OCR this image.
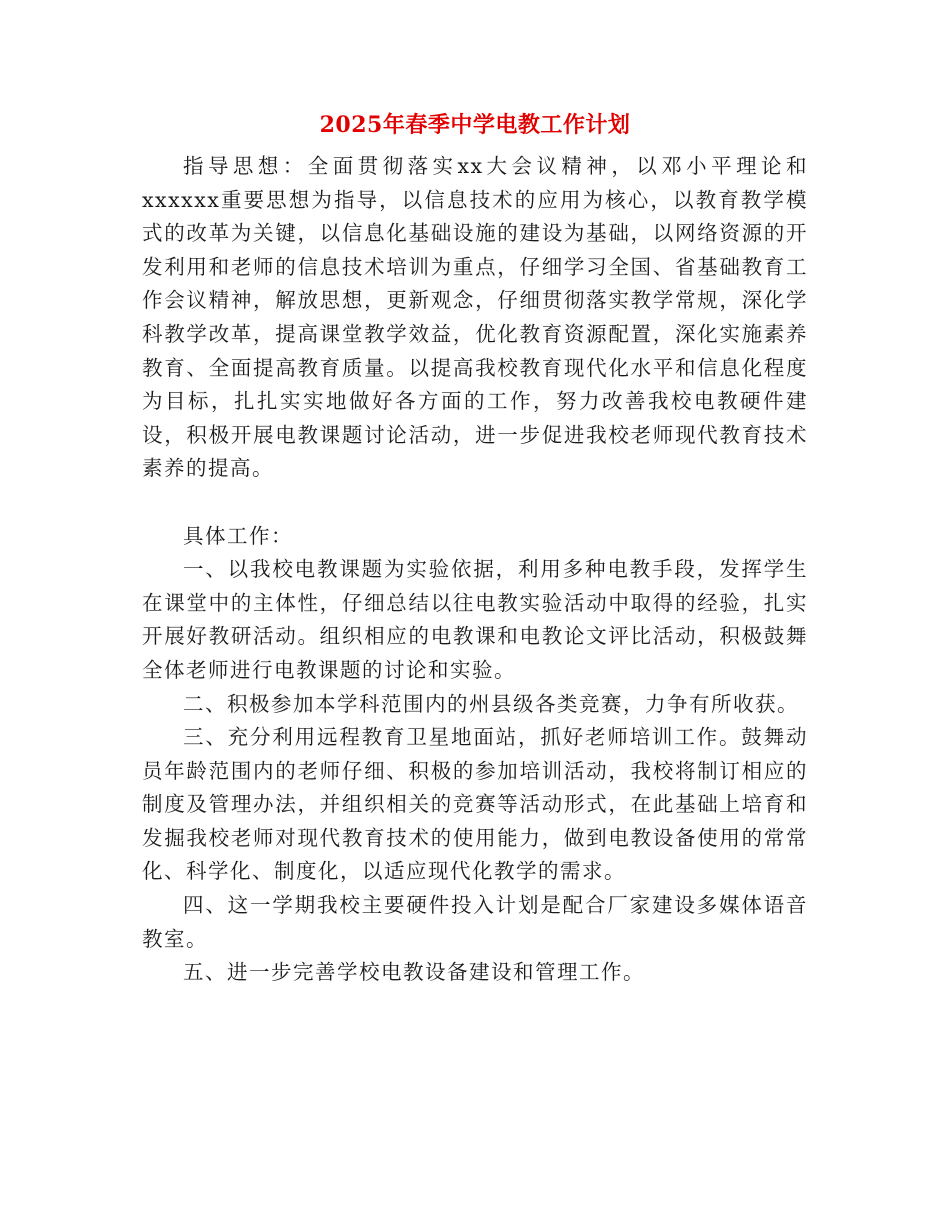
2025年春季中学电教工作计划

指导思想：全面贯彻落实xx大会议精神，以邓小平理论和xxxxxx重要思想为指导，以信息技术的应用为核心，以教育教学模式的改革为关键，以信息化基础设施的建设为基础，以网络资源的开发利用和老师的信息技术培训为重点，仔细学习全国、省基础教育工作会议精神，解放思想，更新观念，仔细贯彻落实教学常规，深化学科教学改革，提高课堂教学效益，优化教育资源配置，深化实施素养教育、全面提高教育质量。以提高我校教育现代化水平和信息化程度为目标，扎扎实实地做好各方面的工作，努力改善我校电教硬件建设，积极开展电教课题讨论活动，进一步促进我校老师现代教育技术素养的提高。

具体工作：

一、以我校电教课题为实验依据，利用多种电教手段，发挥学生在课堂中的主体性，仔细总结以往电教实验活动中取得的经验，扎实开展好教研活动。组织相应的电教课和电教论文评比活动，积极鼓舞全体老师进行电教课题的讨论和实验。

二、积极参加本学科范围内的州县级各类竞赛，力争有所收获。

三、充分利用远程教育卫星地面站，抓好老师培训工作。鼓舞动员年龄范围内的老师仔细、积极的参加培训活动，我校将制订相应的制度及管理办法，并组织相关的竞赛等活动形式，在此基础上培育和发掘我校老师对现代教育技术的使用能力，做到电教设备使用的常常化、科学化、制度化，以适应现代化教学的需求。

四、这一学期我校主要硬件投入计划是配合厂家建设多媒体语音教室。

五、进一步完善学校电教设备建设和管理工作。
